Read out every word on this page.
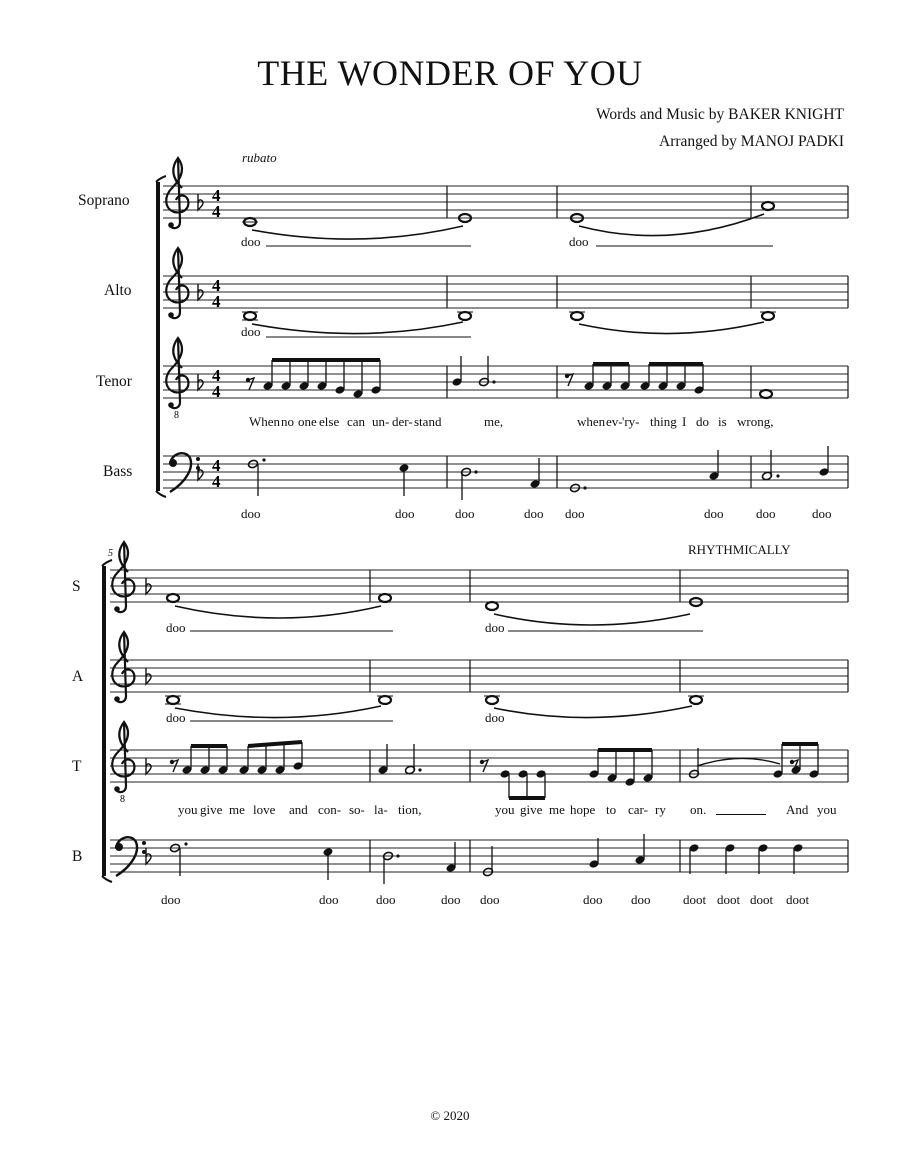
THE WONDER OF YOU
Words and Music by BAKER KNIGHT
Arranged by MANOJ PADKI
8
4
4
4
4
4
4
4
4
8
rubato
Soprano
Alto
Tenor
Bass
doo	doo
doo
When no one else can un- der- stand	me,	when ev- 'ry- thing I do is wrong,
doo	doo	doo	doo doo	doo	doo	doo
5	RHYTHMICALLY
S
A
T
B
doo	doo
doo	doo
you give me love and con- so- la- tion,	you give me hope to car- ry on.	And you
doo	doo	doo	doo doo	doo doo	doot doot doot doot
© 2020
